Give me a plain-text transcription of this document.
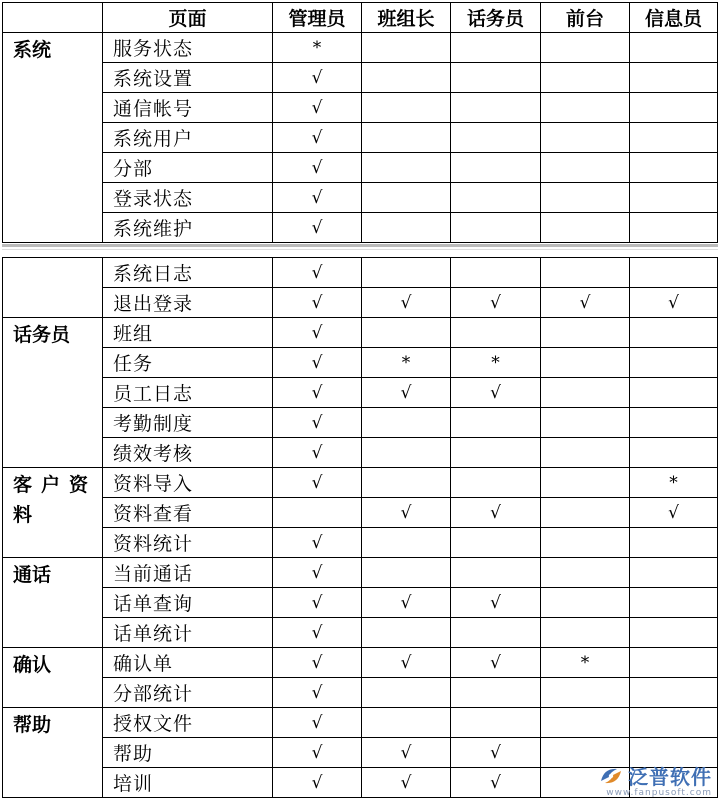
	页面	管理员	班组长	话务员	前台	信息员
系统	服务状态	*				
	系统设置	√				
	通信帐号	√				
	系统用户	√				
	分部	√				
	登录状态	√				
	系统维护	√				
	系统日志	√				
	退出登录	√	√	√	√	√
话务员	班组	√				
	任务	√	*	*		
	员工日志	√	√	√		
	考勤制度	√				
	绩效考核	√				
客户资料	资料导入	√				*
	资料查看		√	√		√
	资料统计	√				
通话	当前通话	√				
	话单查询	√	√	√		
	话单统计	√				
确认	确认单	√	√	√	*	
	分部统计	√				
帮助	授权文件	√				
	帮助	√	√	√		
	培训	√	√	√			泛普软件
www.fanpusoft.com
